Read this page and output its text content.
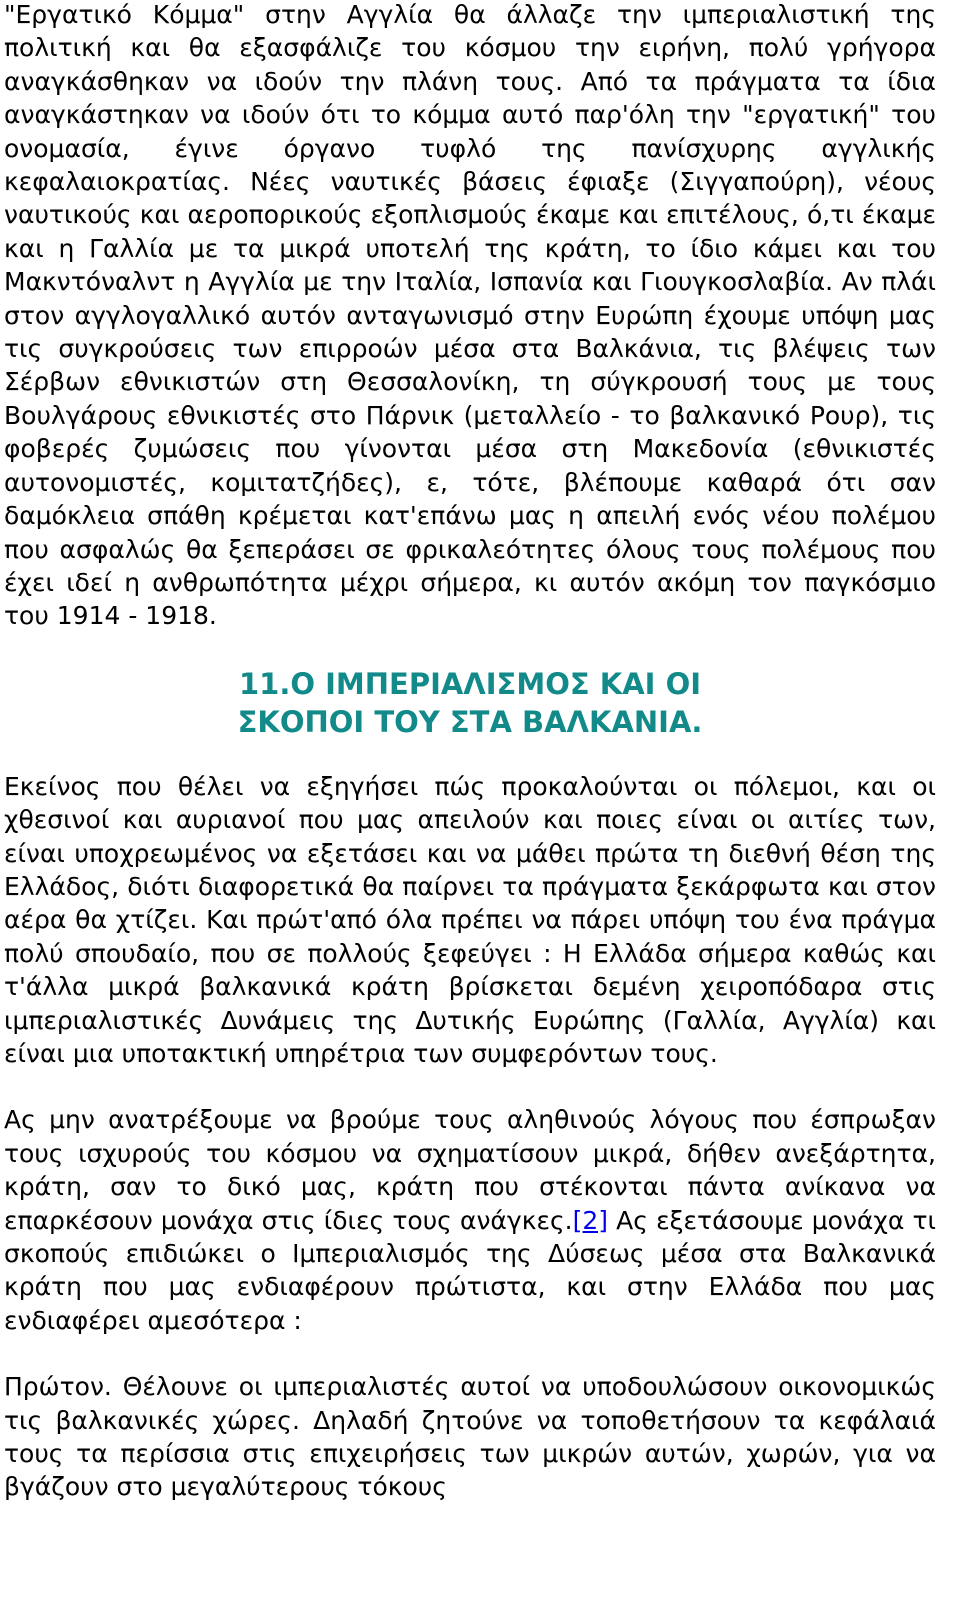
"Εργατικό Κόμμα" στην Αγγλία θα άλλαζε την ιμπεριαλιστική της πολιτική και θα εξασφάλιζε του κόσμου την ειρήνη, πολύ γρήγορα αναγκάσθηκαν να ιδούν την πλάνη τους. Από τα πράγματα τα ίδια αναγκάστηκαν να ιδούν ότι το κόμμα αυτό παρ'όλη την "εργατική" του ονομασία, έγινε όργανο τυφλό της πανίσχυρης αγγλικής κεφαλαιοκρατίας. Νέες ναυτικές βάσεις έφιαξε (Σιγγαπούρη), νέους ναυτικούς και αεροπορικούς εξοπλισμούς έκαμε και επιτέλους, ό,τι έκαμε και η Γαλλία με τα μικρά υποτελή της κράτη, το ίδιο κάμει και του Μακντόναλντ η Αγγλία με την Ιταλία, Ισπανία και Γιουγκοσλαβία. Αν πλάι στον αγγλογαλλικό αυτόν ανταγωνισμό στην Ευρώπη έχουμε υπόψη μας τις συγκρούσεις των επιρροών μέσα στα Βαλκάνια, τις βλέψεις των Σέρβων εθνικιστών στη Θεσσαλονίκη, τη σύγκρουσή τους με τους Βουλγάρους εθνικιστές στο Πάρνικ (μεταλλείο - το βαλκανικό Ρουρ), τις φοβερές ζυμώσεις που γίνονται μέσα στη Μακεδονία (εθνικιστές αυτονομιστές, κομιτατζήδες), ε, τότε, βλέπουμε καθαρά ότι σαν δαμόκλεια σπάθη κρέμεται κατ'επάνω μας η απειλή ενός νέου πολέμου που ασφαλώς θα ξεπεράσει σε φρικαλεότητες όλους τους πολέμους που έχει ιδεί η ανθρωπότητα μέχρι σήμερα, κι αυτόν ακόμη τον παγκόσμιο του 1914 - 1918.

11.Ο ΙΜΠΕΡΙΑΛΙΣΜΟΣ ΚΑΙ ΟΙ
ΣΚΟΠΟΙ ΤΟΥ ΣΤΑ ΒΑΛΚΑΝΙΑ.

Εκείνος που θέλει να εξηγήσει πώς προκαλούνται οι πόλεμοι, και οι χθεσινοί και αυριανοί που μας απειλούν και ποιες είναι οι αιτίες των, είναι υποχρεωμένος να εξετάσει και να μάθει πρώτα τη διεθνή θέση της Ελλάδος, διότι διαφορετικά θα παίρνει τα πράγματα ξεκάρφωτα και στον αέρα θα χτίζει. Και πρώτ'από όλα πρέπει να πάρει υπόψη του ένα πράγμα πολύ σπουδαίο, που σε πολλούς ξεφεύγει : Η Ελλάδα σήμερα καθώς και τ'άλλα μικρά βαλκανικά κράτη βρίσκεται δεμένη χειροπόδαρα στις ιμπεριαλιστικές Δυνάμεις της Δυτικής Ευρώπης (Γαλλία, Αγγλία) και είναι μια υποτακτική υπηρέτρια των συμφερόντων τους.

Ας μην ανατρέξουμε να βρούμε τους αληθινούς λόγους που έσπρωξαν τους ισχυρούς του κόσμου να σχηματίσουν μικρά, δήθεν ανεξάρτητα, κράτη, σαν το δικό μας, κράτη που στέκονται πάντα ανίκανα να επαρκέσουν μονάχα στις ίδιες τους ανάγκες.[2] Ας εξετάσουμε μονάχα τι σκοπούς επιδιώκει ο Ιμπεριαλισμός της Δύσεως μέσα στα Βαλκανικά κράτη που μας ενδιαφέρουν πρώτιστα, και στην Ελλάδα που μας ενδιαφέρει αμεσότερα :

Πρώτον. Θέλουνε οι ιμπεριαλιστές αυτοί να υποδουλώσουν οικονομικώς τις βαλκανικές χώρες. Δηλαδή ζητούνε να τοποθετήσουν τα κεφάλαιά τους τα περίσσια στις επιχειρήσεις των μικρών αυτών, χωρών, για να βγάζουν στο μεγαλύτερους τόκους
